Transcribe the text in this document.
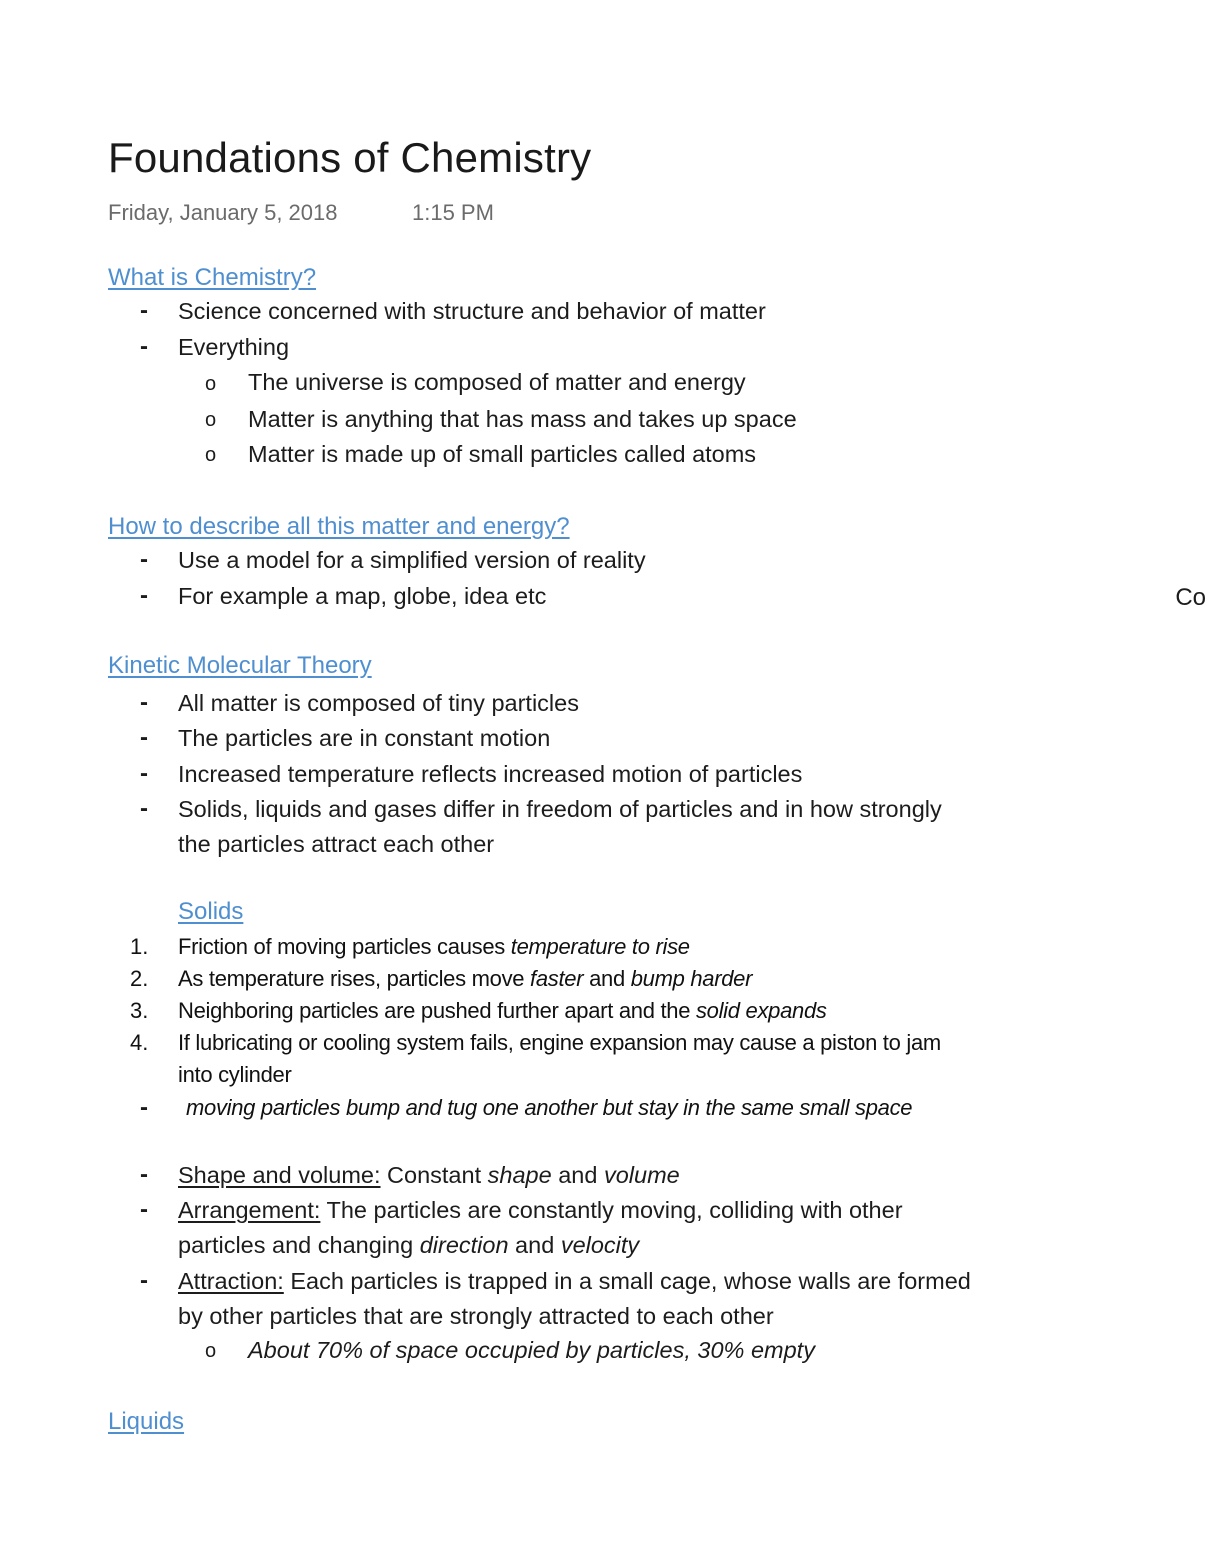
Foundations of Chemistry
Friday, January 5, 2018	1:15 PM
What is Chemistry?
- Science concerned with structure and behavior of matter
- Everything
o The universe is composed of matter and energy
o Matter is anything that has mass and takes up space
o Matter is made up of small particles called atoms
How to describe all this matter and energy?
- Use a model for a simplified version of reality
- For example a map, globe, idea etc	Co
Kinetic Molecular Theory
- All matter is composed of tiny particles
- The particles are in constant motion
- Increased temperature reflects increased motion of particles
- Solids, liquids and gases differ in freedom of particles and in how strongly
the particles attract each other
Solids
1. Friction of moving particles causes temperature to rise
2. As temperature rises, particles move faster and bump harder
3. Neighboring particles are pushed further apart and the solid expands
4. If lubricating or cooling system fails, engine expansion may cause a piston to jam
into cylinder
- moving particles bump and tug one another but stay in the same small space
- Shape and volume: Constant shape and volume
- Arrangement: The particles are constantly moving, colliding with other
particles and changing direction and velocity
- Attraction: Each particles is trapped in a small cage, whose walls are formed
by other particles that are strongly attracted to each other
o About 70% of space occupied by particles, 30% empty
Liquids
